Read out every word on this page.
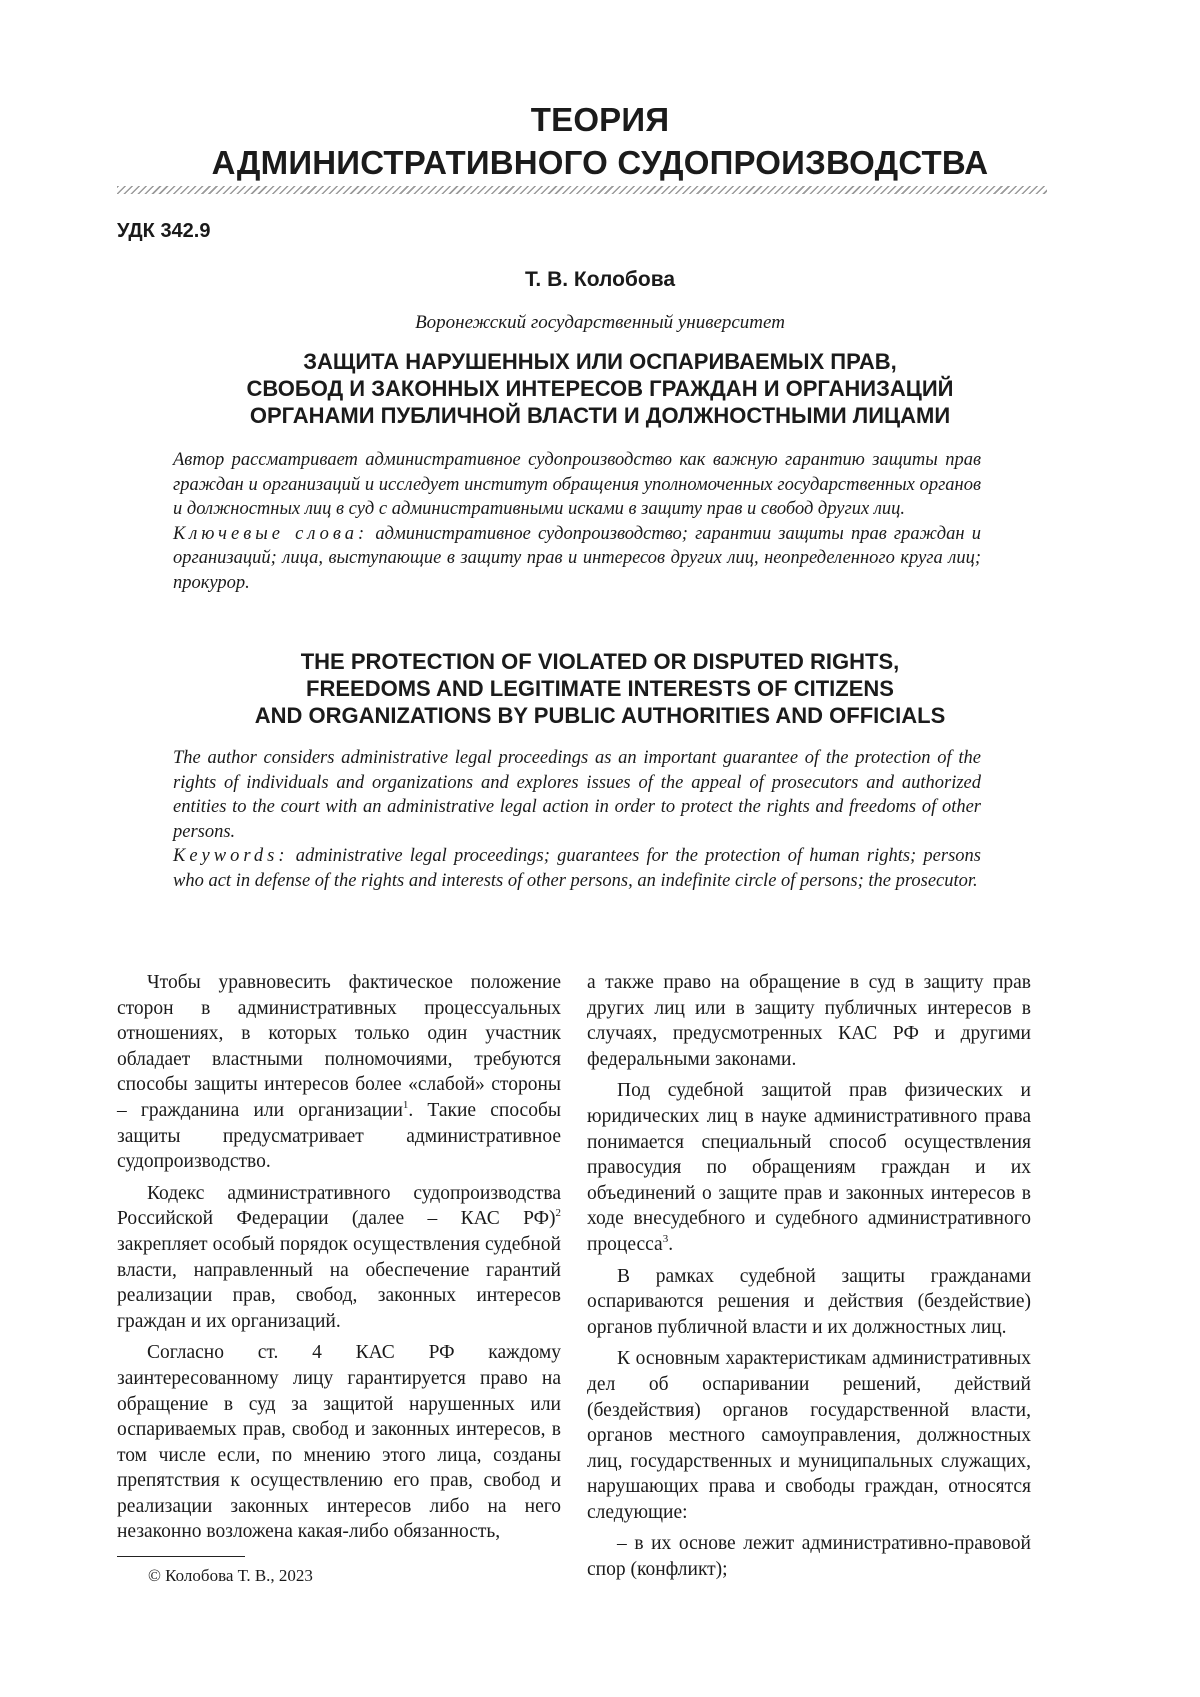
ТЕОРИЯ
АДМИНИСТРАТИВНОГО СУДОПРОИЗВОДСТВА
УДК 342.9
Т. В. Колобова
Воронежский государственный университет
ЗАЩИТА НАРУШЕННЫХ ИЛИ ОСПАРИВАЕМЫХ ПРАВ,
СВОБОД И ЗАКОННЫХ ИНТЕРЕСОВ ГРАЖДАН И ОРГАНИЗАЦИЙ
ОРГАНАМИ ПУБЛИЧНОЙ ВЛАСТИ И ДОЛЖНОСТНЫМИ ЛИЦАМИ
Автор рассматривает административное судопроизводство как важную гарантию защиты прав граждан и организаций и исследует институт обращения уполномоченных государственных органов и должностных лиц в суд с административными исками в защиту прав и свобод других лиц.
Ключевые слова: административное судопроизводство; гарантии защиты прав граждан и организаций; лица, выступающие в защиту прав и интересов других лиц, неопределенного круга лиц; прокурор.
THE PROTECTION OF VIOLATED OR DISPUTED RIGHTS,
FREEDOMS AND LEGITIMATE INTERESTS OF CITIZENS
AND ORGANIZATIONS BY PUBLIC AUTHORITIES AND OFFICIALS
The author considers administrative legal proceedings as an important guarantee of the protection of the rights of individuals and organizations and explores issues of the appeal of prosecutors and authorized entities to the court with an administrative legal action in order to protect the rights and freedoms of other persons.
Keywords: administrative legal proceedings; guarantees for the protection of human rights; persons who act in defense of the rights and interests of other persons, an indefinite circle of persons; the prosecutor.

Чтобы уравновесить фактическое положение сторон в административных процессуальных отношениях, в которых только один участник обладает властными полномочиями, требуются способы защиты интересов более «слабой» стороны – гражданина или организации1. Такие способы защиты предусматривает административное судопроизводство.

Кодекс административного судопроизводства Российской Федерации (далее – КАС РФ)2 закрепляет особый порядок осуществления судебной власти, направленный на обеспечение гарантий реализации прав, свобод, законных интересов граждан и их организаций.

Согласно ст. 4 КАС РФ каждому заинтересованному лицу гарантируется право на обращение в суд за защитой нарушенных или оспариваемых прав, свобод и законных интересов, в том числе если, по мнению этого лица, созданы препятствия к осуществлению его прав, свобод и реализации законных интересов либо на него незаконно возложена какая-либо обязанность,

а также право на обращение в суд в защиту прав других лиц или в защиту публичных интересов в случаях, предусмотренных КАС РФ и другими федеральными законами.

Под судебной защитой прав физических и юридических лиц в науке административного права понимается специальный способ осуществления правосудия по обращениям граждан и их объединений о защите прав и законных интересов в ходе внесудебного и судебного административного процесса3.

В рамках судебной защиты гражданами оспариваются решения и действия (бездействие) органов публичной власти и их должностных лиц.

К основным характеристикам административных дел об оспаривании решений, действий (бездействия) органов государственной власти, органов местного самоуправления, должностных лиц, государственных и муниципальных служащих, нарушающих права и свободы граждан, относятся следующие:

– в их основе лежит административно-правовой спор (конфликт);

© Колобова Т. В., 2023
